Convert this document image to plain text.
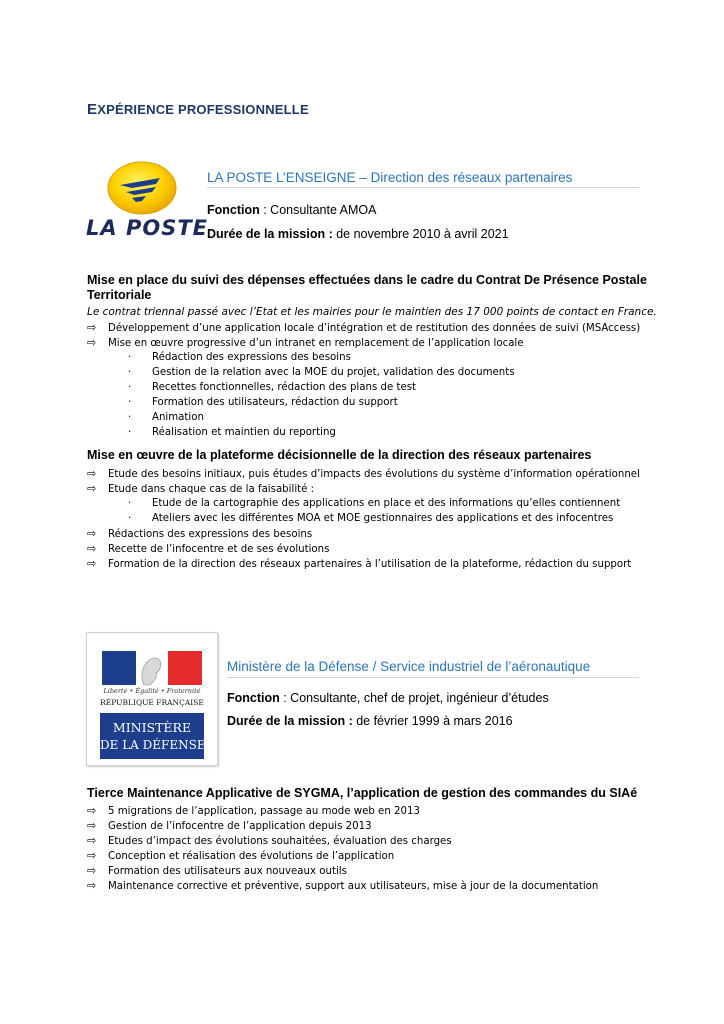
EXPÉRIENCE PROFESSIONNELLE
LA POSTE
LA POSTE L’ENSEIGNE – Direction des réseaux partenaires
Fonction : Consultante AMOA
Durée de la mission : de novembre 2010 à avril 2021
Mise en place du suivi des dépenses effectuées dans le cadre du Contrat De Présence Postale Territoriale
Le contrat triennal passé avec l’Etat et les mairies pour le maintien des 17 000 points de contact en France.
⇨ Développement d’une application locale d’intégration et de restitution des données de suivi (MSAccess)
⇨ Mise en œuvre progressive d’un intranet en remplacement de l’application locale
· Rédaction des expressions des besoins
· Gestion de la relation avec la MOE du projet, validation des documents
· Recettes fonctionnelles, rédaction des plans de test
· Formation des utilisateurs, rédaction du support
· Animation
· Réalisation et maintien du reporting
Mise en œuvre de la plateforme décisionnelle de la direction des réseaux partenaires
⇨ Etude des besoins initiaux, puis études d’impacts des évolutions du système d’information opérationnel
⇨ Etude dans chaque cas de la faisabilité :
· Etude de la cartographie des applications en place et des informations qu’elles contiennent
· Ateliers avec les différentes MOA et MOE gestionnaires des applications et des infocentres
⇨ Rédactions des expressions des besoins
⇨ Recette de l’infocentre et de ses évolutions
⇨ Formation de la direction des réseaux partenaires à l’utilisation de la plateforme, rédaction du support
Liberté • Égalité • Fraternité
RÉPUBLIQUE FRANÇAISE
MINISTÈRE
DE LA DÉFENSE
Ministère de la Défense / Service industriel de l’aéronautique
Fonction : Consultante, chef de projet, ingénieur d’études
Durée de la mission : de février 1999 à mars 2016
Tierce Maintenance Applicative de SYGMA, l’application de gestion des commandes du SIAé
⇨ 5 migrations de l’application, passage au mode web en 2013
⇨ Gestion de l’infocentre de l’application depuis 2013
⇨ Etudes d’impact des évolutions souhaitées, évaluation des charges
⇨ Conception et réalisation des évolutions de l’application
⇨ Formation des utilisateurs aux nouveaux outils
⇨ Maintenance corrective et préventive, support aux utilisateurs, mise à jour de la documentation
